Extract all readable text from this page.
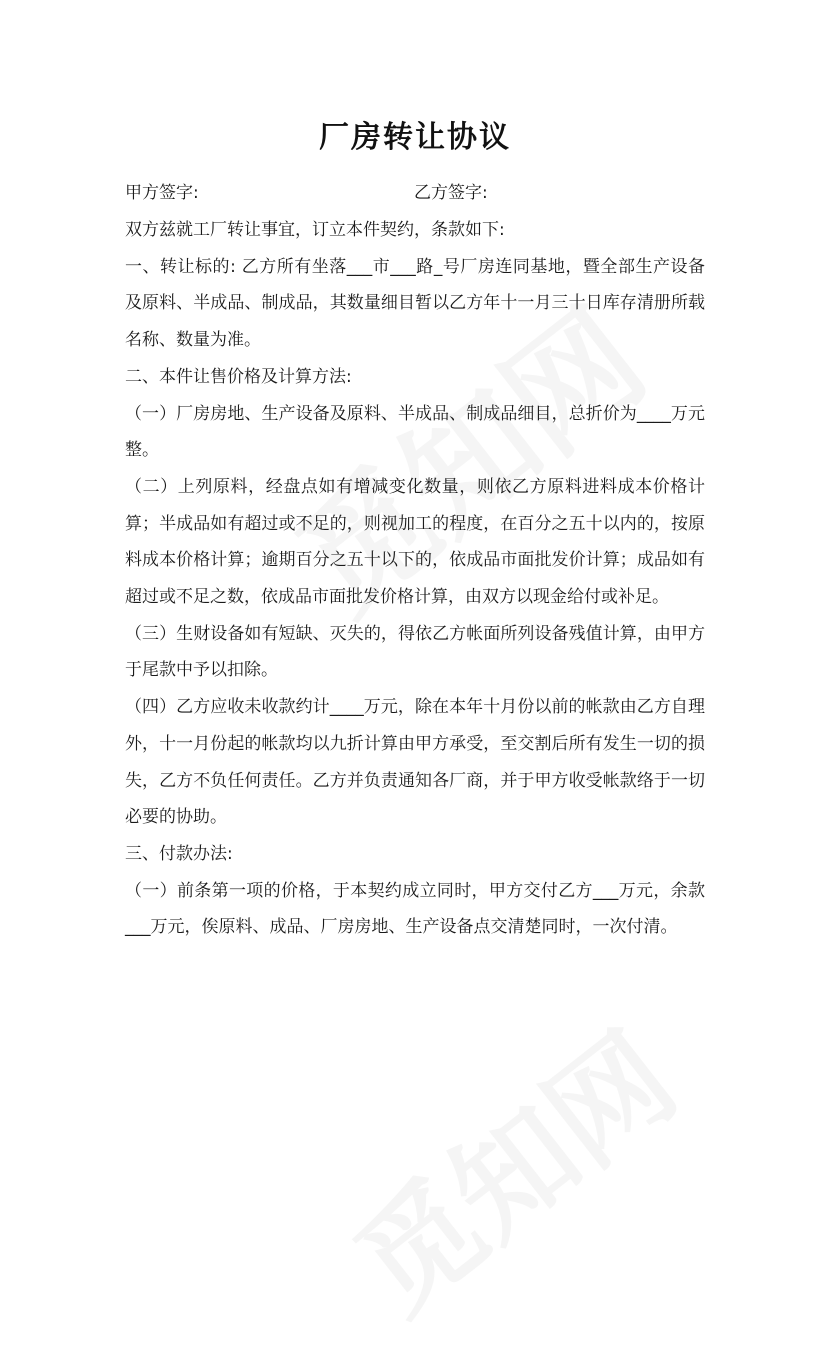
厂房转让协议
甲方签字:	乙方签字:

双方兹就工厂转让事宜，订立本件契约，条款如下:

一、转让标的: 乙方所有坐落___市___路_号厂房连同基地，暨全部生产设备及原料、半成品、制成品，其数量细目暂以乙方年十一月三十日库存清册所载名称、数量为准。

二、本件让售价格及计算方法:

（一）厂房房地、生产设备及原料、半成品、制成品细目，总折价为____万元整。

（二）上列原料，经盘点如有增减变化数量，则依乙方原料进料成本价格计算；半成品如有超过或不足的，则视加工的程度，在百分之五十以内的，按原料成本价格计算；逾期百分之五十以下的，依成品市面批发价计算；成品如有超过或不足之数，依成品市面批发价格计算，由双方以现金给付或补足。

（三）生财设备如有短缺、灭失的，得依乙方帐面所列设备残值计算，由甲方于尾款中予以扣除。

（四）乙方应收未收款约计____万元，除在本年十月份以前的帐款由乙方自理外，十一月份起的帐款均以九折计算由甲方承受，至交割后所有发生一切的损失，乙方不负任何责任。乙方并负责通知各厂商，并于甲方收受帐款络于一切必要的协助。

三、付款办法:

（一）前条第一项的价格，于本契约成立同时，甲方交付乙方___万元，余款___万元，俟原料、成品、厂房房地、生产设备点交清楚同时，一次付清。
